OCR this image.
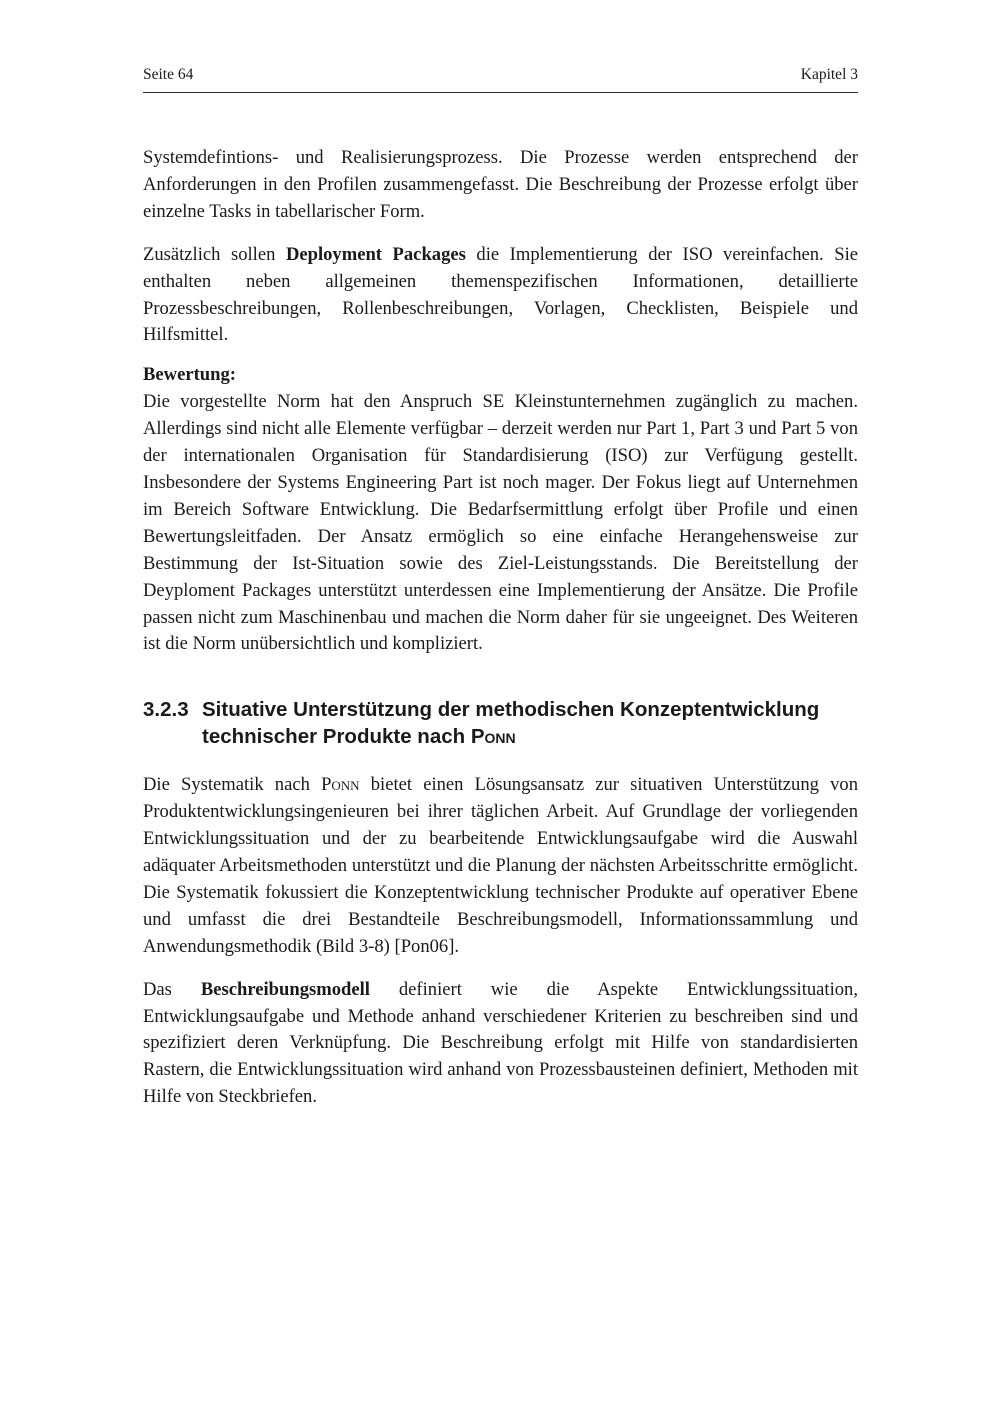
Seite 64	Kapitel 3

Systemdefintions- und Realisierungsprozess. Die Prozesse werden entsprechend der Anforderungen in den Profilen zusammengefasst. Die Beschreibung der Prozesse erfolgt über einzelne Tasks in tabellarischer Form.

Zusätzlich sollen Deployment Packages die Implementierung der ISO vereinfachen. Sie enthalten neben allgemeinen themenspezifischen Informationen, detaillierte Prozessbeschreibungen, Rollenbeschreibungen, Vorlagen, Checklisten, Beispiele und Hilfsmittel.

Bewertung:

Die vorgestellte Norm hat den Anspruch SE Kleinstunternehmen zugänglich zu machen. Allerdings sind nicht alle Elemente verfügbar – derzeit werden nur Part 1, Part 3 und Part 5 von der internationalen Organisation für Standardisierung (ISO) zur Verfügung gestellt. Insbesondere der Systems Engineering Part ist noch mager. Der Fokus liegt auf Unternehmen im Bereich Software Entwicklung. Die Bedarfsermittlung erfolgt über Profile und einen Bewertungsleitfaden. Der Ansatz ermöglich so eine einfache Herangehensweise zur Bestimmung der Ist-Situation sowie des Ziel-Leistungsstands. Die Bereitstellung der Deyploment Packages unterstützt unterdessen eine Implementierung der Ansätze. Die Profile passen nicht zum Maschinenbau und machen die Norm daher für sie ungeeignet. Des Weiteren ist die Norm unübersichtlich und kompliziert.

3.2.3 Situative Unterstützung der methodischen Konzeptentwicklung technischer Produkte nach Ponn

Die Systematik nach Ponn bietet einen Lösungsansatz zur situativen Unterstützung von Produktentwicklungsingenieuren bei ihrer täglichen Arbeit. Auf Grundlage der vorliegenden Entwicklungssituation und der zu bearbeitende Entwicklungsaufgabe wird die Auswahl adäquater Arbeitsmethoden unterstützt und die Planung der nächsten Arbeitsschritte ermöglicht. Die Systematik fokussiert die Konzeptentwicklung technischer Produkte auf operativer Ebene und umfasst die drei Bestandteile Beschreibungsmodell, Informationssammlung und Anwendungsmethodik (Bild 3-8) [Pon06].

Das Beschreibungsmodell definiert wie die Aspekte Entwicklungssituation, Entwicklungsaufgabe und Methode anhand verschiedener Kriterien zu beschreiben sind und spezifiziert deren Verknüpfung. Die Beschreibung erfolgt mit Hilfe von standardisierten Rastern, die Entwicklungssituation wird anhand von Prozessbausteinen definiert, Methoden mit Hilfe von Steckbriefen.
